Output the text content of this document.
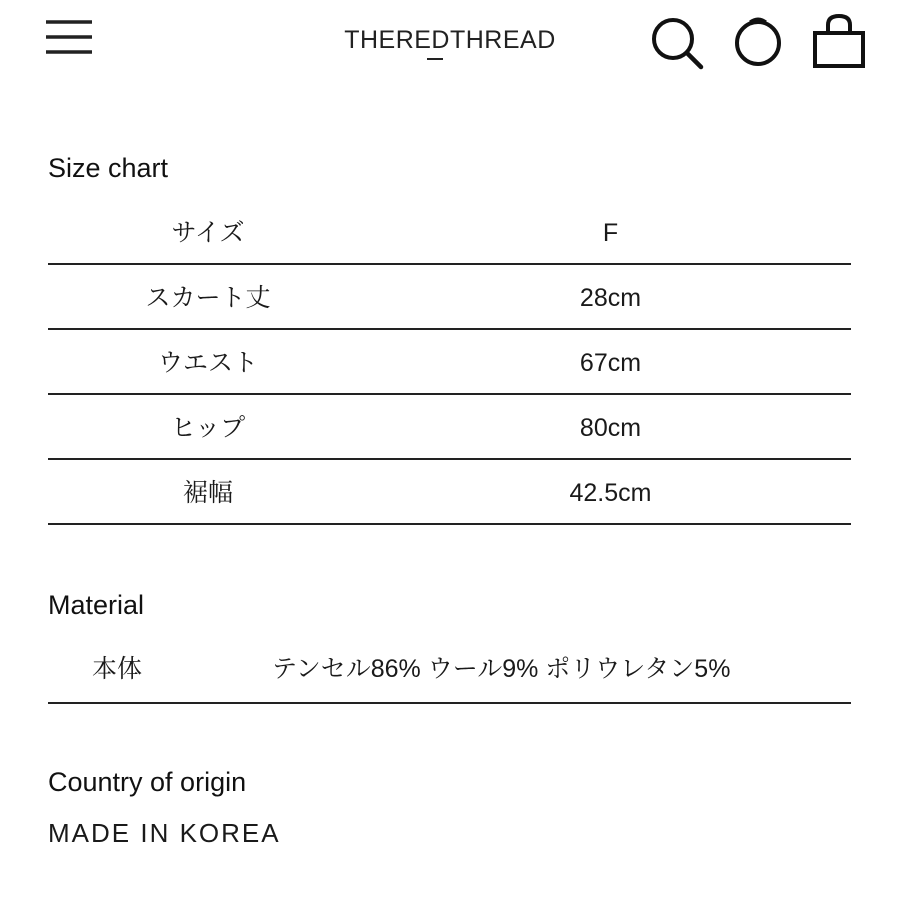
THEREDTHREAD
Size chart
サイズ	F
スカート丈	28cm
ウエスト	67cm
ヒップ	80cm
裾幅	42.5cm
Material
本体	テンセル86% ウール9% ポリウレタン5%
Country of origin
MADE IN KOREA
